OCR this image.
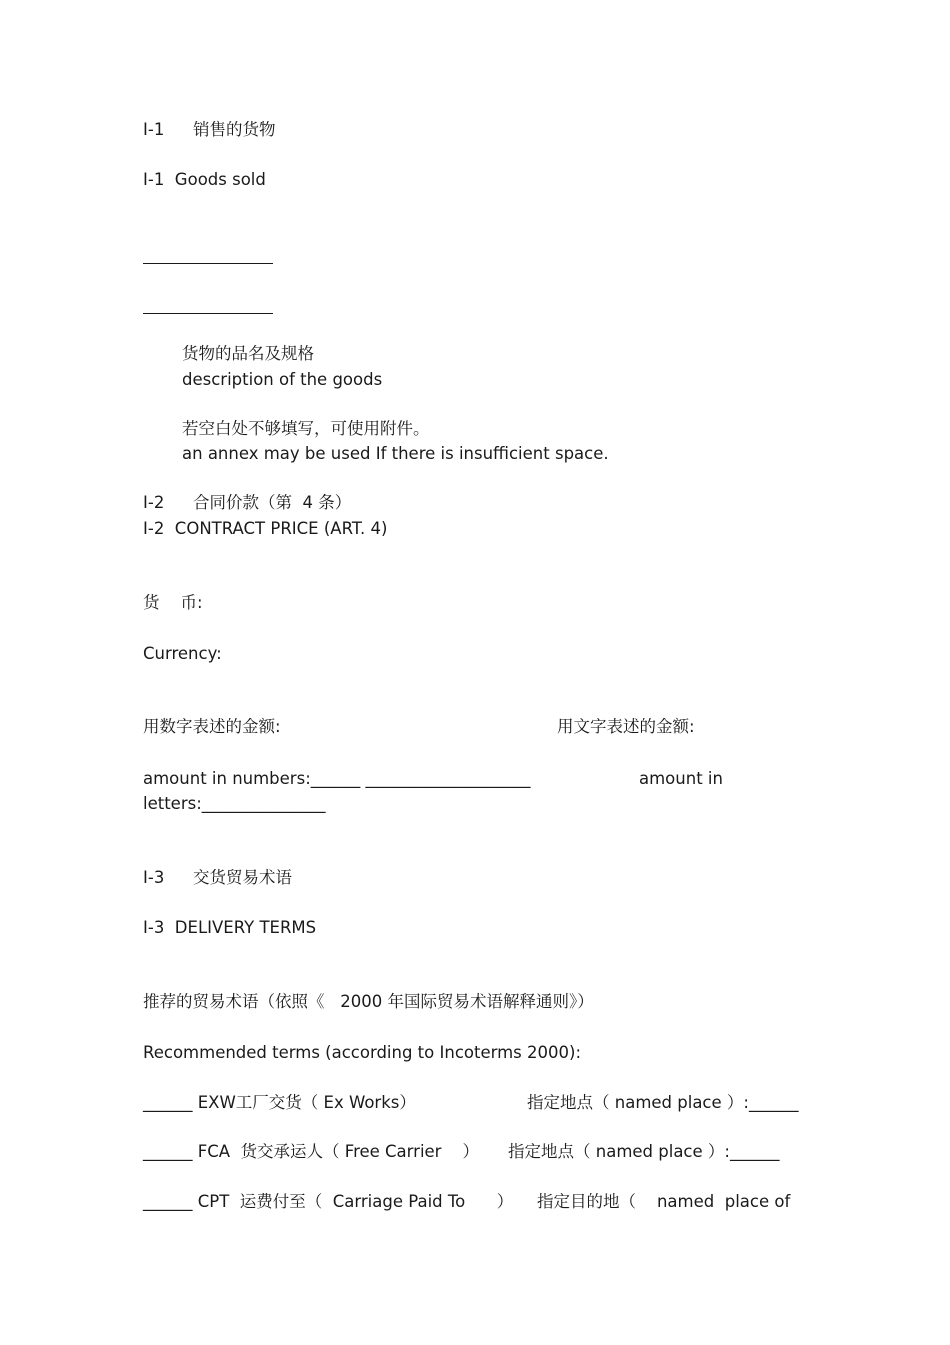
I-1 销售的货物
I-1  Goods sold
货物的品名及规格
description of the goods
若空白处不够填写，可使用附件。
an annex may be used If there is insufficient space.
I-2 合同价款（第  4 条）
I-2  CONTRACT PRICE (ART. 4)
货    币:
Currency:
用数字表述的金额:	用文字表述的金额:
amount in numbers:______ ____________________	amount in
letters:_______________
I-3 交货贸易术语
I-3  DELIVERY TERMS
推荐的贸易术语（依照《   2000 年国际贸易术语解释通则》）
Recommended terms (according to Incoterms 2000):
______ EXW工厂交货（ Ex Works）	指定地点（ named place ）:______
______ FCA  货交承运人（ Free Carrier    ） 指定地点（ named place ）:______
______ CPT  运费付至（  Carriage Paid To      ） 指定目的地（    named  place of
